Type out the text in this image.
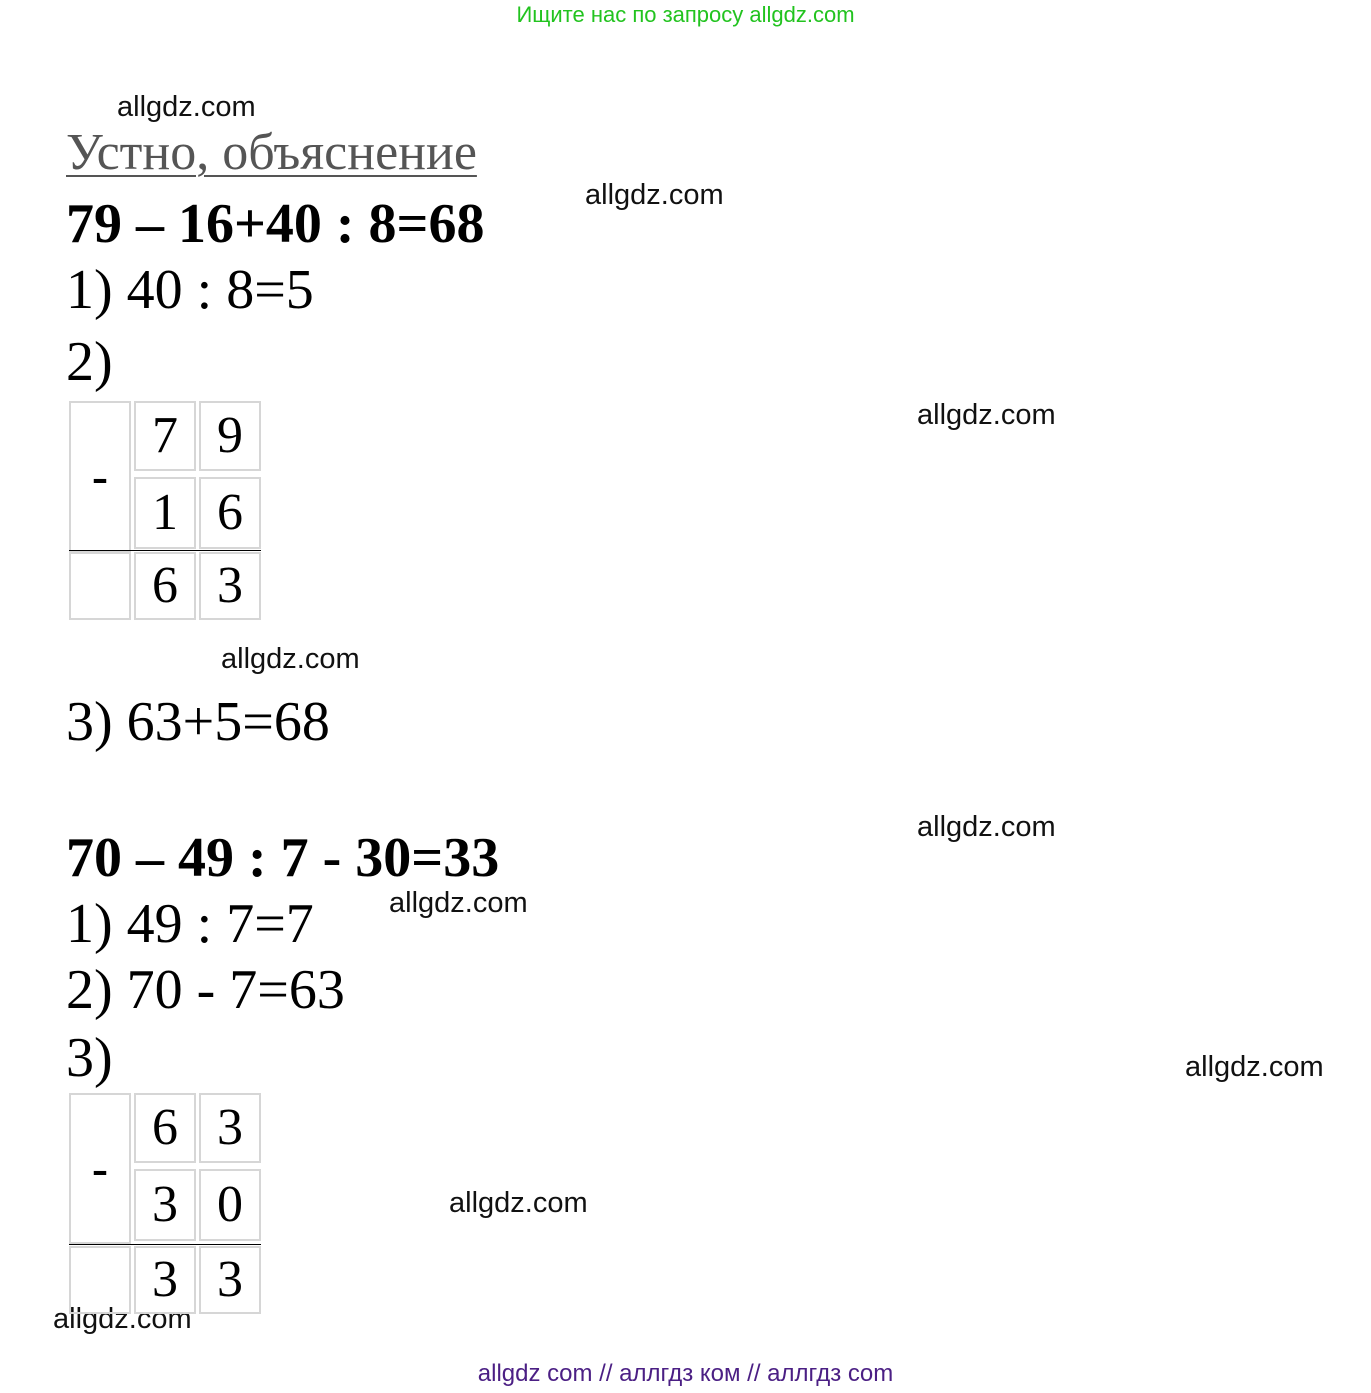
Ищите нас по запросу allgdz.com
allgdz.com
allgdz.com
allgdz.com
allgdz.com
allgdz.com
allgdz.com
allgdz.com
allgdz.com
allgdz.com
Устно, объяснение
79 – 16+40 : 8=68
1) 40 : 8=5
2)
-
7 9
1 6
6 3
3) 63+5=68
70 – 49 : 7 - 30=33
1) 49 : 7=7
2) 70 - 7=63
3)
-
6 3
3 0
3 3
allgdz com // аллгдз ком // аллгдз com
